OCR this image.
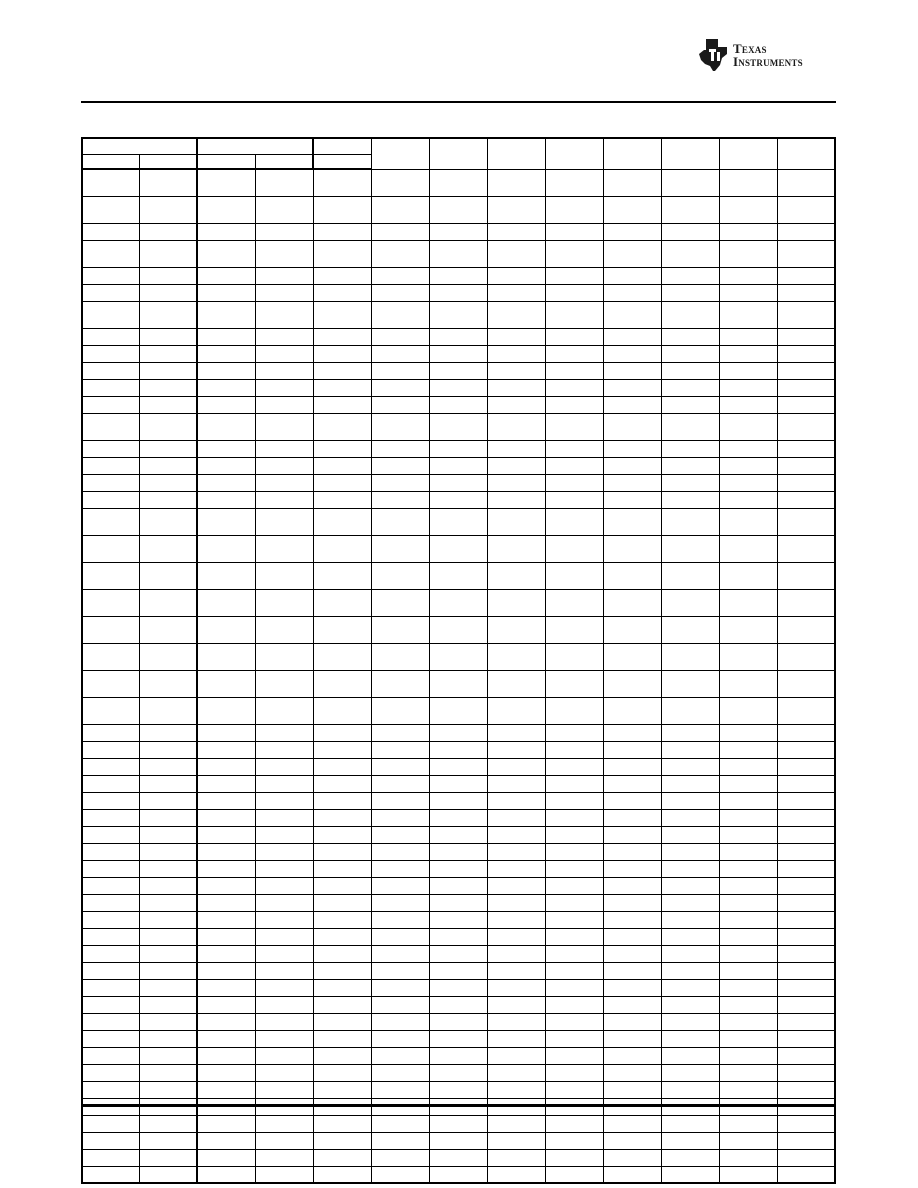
Texas
Instruments
